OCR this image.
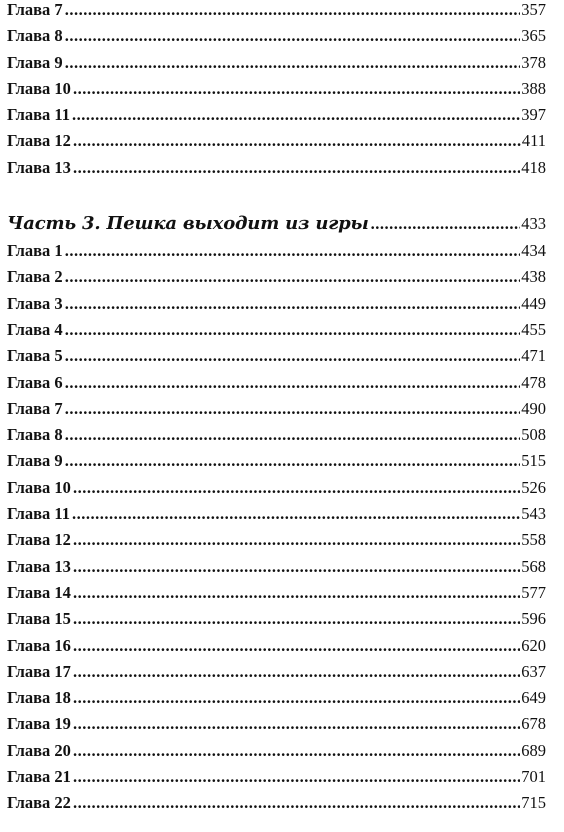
Глава 7 .....	357
Глава 8 .....	365
Глава 9 .....	378
Глава 10 .....	388
Глава 11 .....	397
Глава 12 .....	411
Глава 13 .....	418
Часть 3. Пешка выходит из игры .....	433
Глава 1 .....	434
Глава 2 .....	438
Глава 3 .....	449
Глава 4 .....	455
Глава 5 .....	471
Глава 6 .....	478
Глава 7 .....	490
Глава 8 .....	508
Глава 9 .....	515
Глава 10 .....	526
Глава 11 .....	543
Глава 12 .....	558
Глава 13 .....	568
Глава 14 .....	577
Глава 15 .....	596
Глава 16 .....	620
Глава 17 .....	637
Глава 18 .....	649
Глава 19 .....	678
Глава 20 .....	689
Глава 21 .....	701
Глава 22 .....	715
